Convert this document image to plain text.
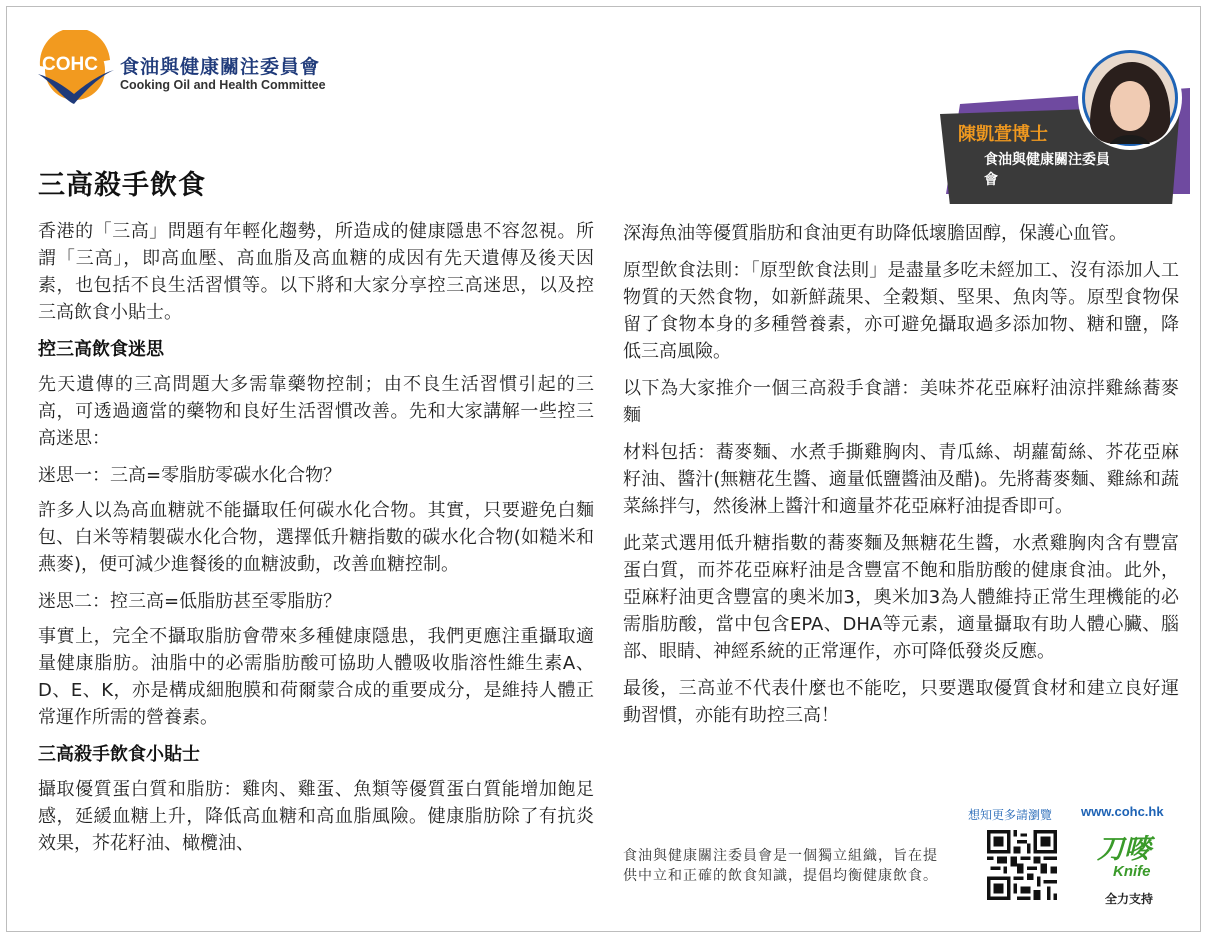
COHC 食油與健康關注委員會
Cooking Oil and Health Committee
陳凱萱博士
食油與健康關注委員會
三高殺手飲食

香港的「三高」問題有年輕化趨勢，所造成的健康隱患不容忽視。所謂「三高」，即高血壓、高血脂及高血糖的成因有先天遺傳及後天因素，也包括不良生活習慣等。以下將和大家分享控三高迷思，以及控三高飲食小貼士。

控三高飲食迷思

先天遺傳的三高問題大多需靠藥物控制；由不良生活習慣引起的三高，可透過適當的藥物和良好生活習慣改善。先和大家講解一些控三高迷思：

迷思一：三高=零脂肪零碳水化合物？

許多人以為高血糖就不能攝取任何碳水化合物。其實，只要避免白麵包、白米等精製碳水化合物，選擇低升糖指數的碳水化合物(如糙米和燕麥)，便可減少進餐後的血糖波動，改善血糖控制。

迷思二：控三高=低脂肪甚至零脂肪？

事實上，完全不攝取脂肪會帶來多種健康隱患，我們更應注重攝取適量健康脂肪。油脂中的必需脂肪酸可協助人體吸收脂溶性維生素A、D、E、K，亦是構成細胞膜和荷爾蒙合成的重要成分，是維持人體正常運作所需的營養素。

三高殺手飲食小貼士

攝取優質蛋白質和脂肪：雞肉、雞蛋、魚類等優質蛋白質能增加飽足感，延緩血糖上升，降低高血糖和高血脂風險。健康脂肪除了有抗炎效果，芥花籽油、橄欖油、

深海魚油等優質脂肪和食油更有助降低壞膽固醇，保護心血管。

原型飲食法則：「原型飲食法則」是盡量多吃未經加工、沒有添加人工物質的天然食物，如新鮮蔬果、全穀類、堅果、魚肉等。原型食物保留了食物本身的多種營養素，亦可避免攝取過多添加物、糖和鹽，降低三高風險。

以下為大家推介一個三高殺手食譜：美味芥花亞麻籽油涼拌雞絲蕎麥麵

材料包括：蕎麥麵、水煮手撕雞胸肉、青瓜絲、胡蘿蔔絲、芥花亞麻籽油、醬汁(無糖花生醬、適量低鹽醬油及醋)。先將蕎麥麵、雞絲和蔬菜絲拌勻，然後淋上醬汁和適量芥花亞麻籽油提香即可。

此菜式選用低升糖指數的蕎麥麵及無糖花生醬，水煮雞胸肉含有豐富蛋白質，而芥花亞麻籽油是含豐富不飽和脂肪酸的健康食油。此外，亞麻籽油更含豐富的奧米加3，奧米加3為人體維持正常生理機能的必需脂肪酸，當中包含EPA、DHA等元素，適量攝取有助人體心臟、腦部、眼睛、神經系統的正常運作，亦可降低發炎反應。

最後，三高並不代表什麼也不能吃，只要選取優質食材和建立良好運動習慣，亦能有助控三高！

想知更多請瀏覽 www.cohc.hk
食油與健康關注委員會是一個獨立組織，旨在提供中立和正確的飲食知識，提倡均衡健康飲食。
刀嘜
Knife
全力支持
